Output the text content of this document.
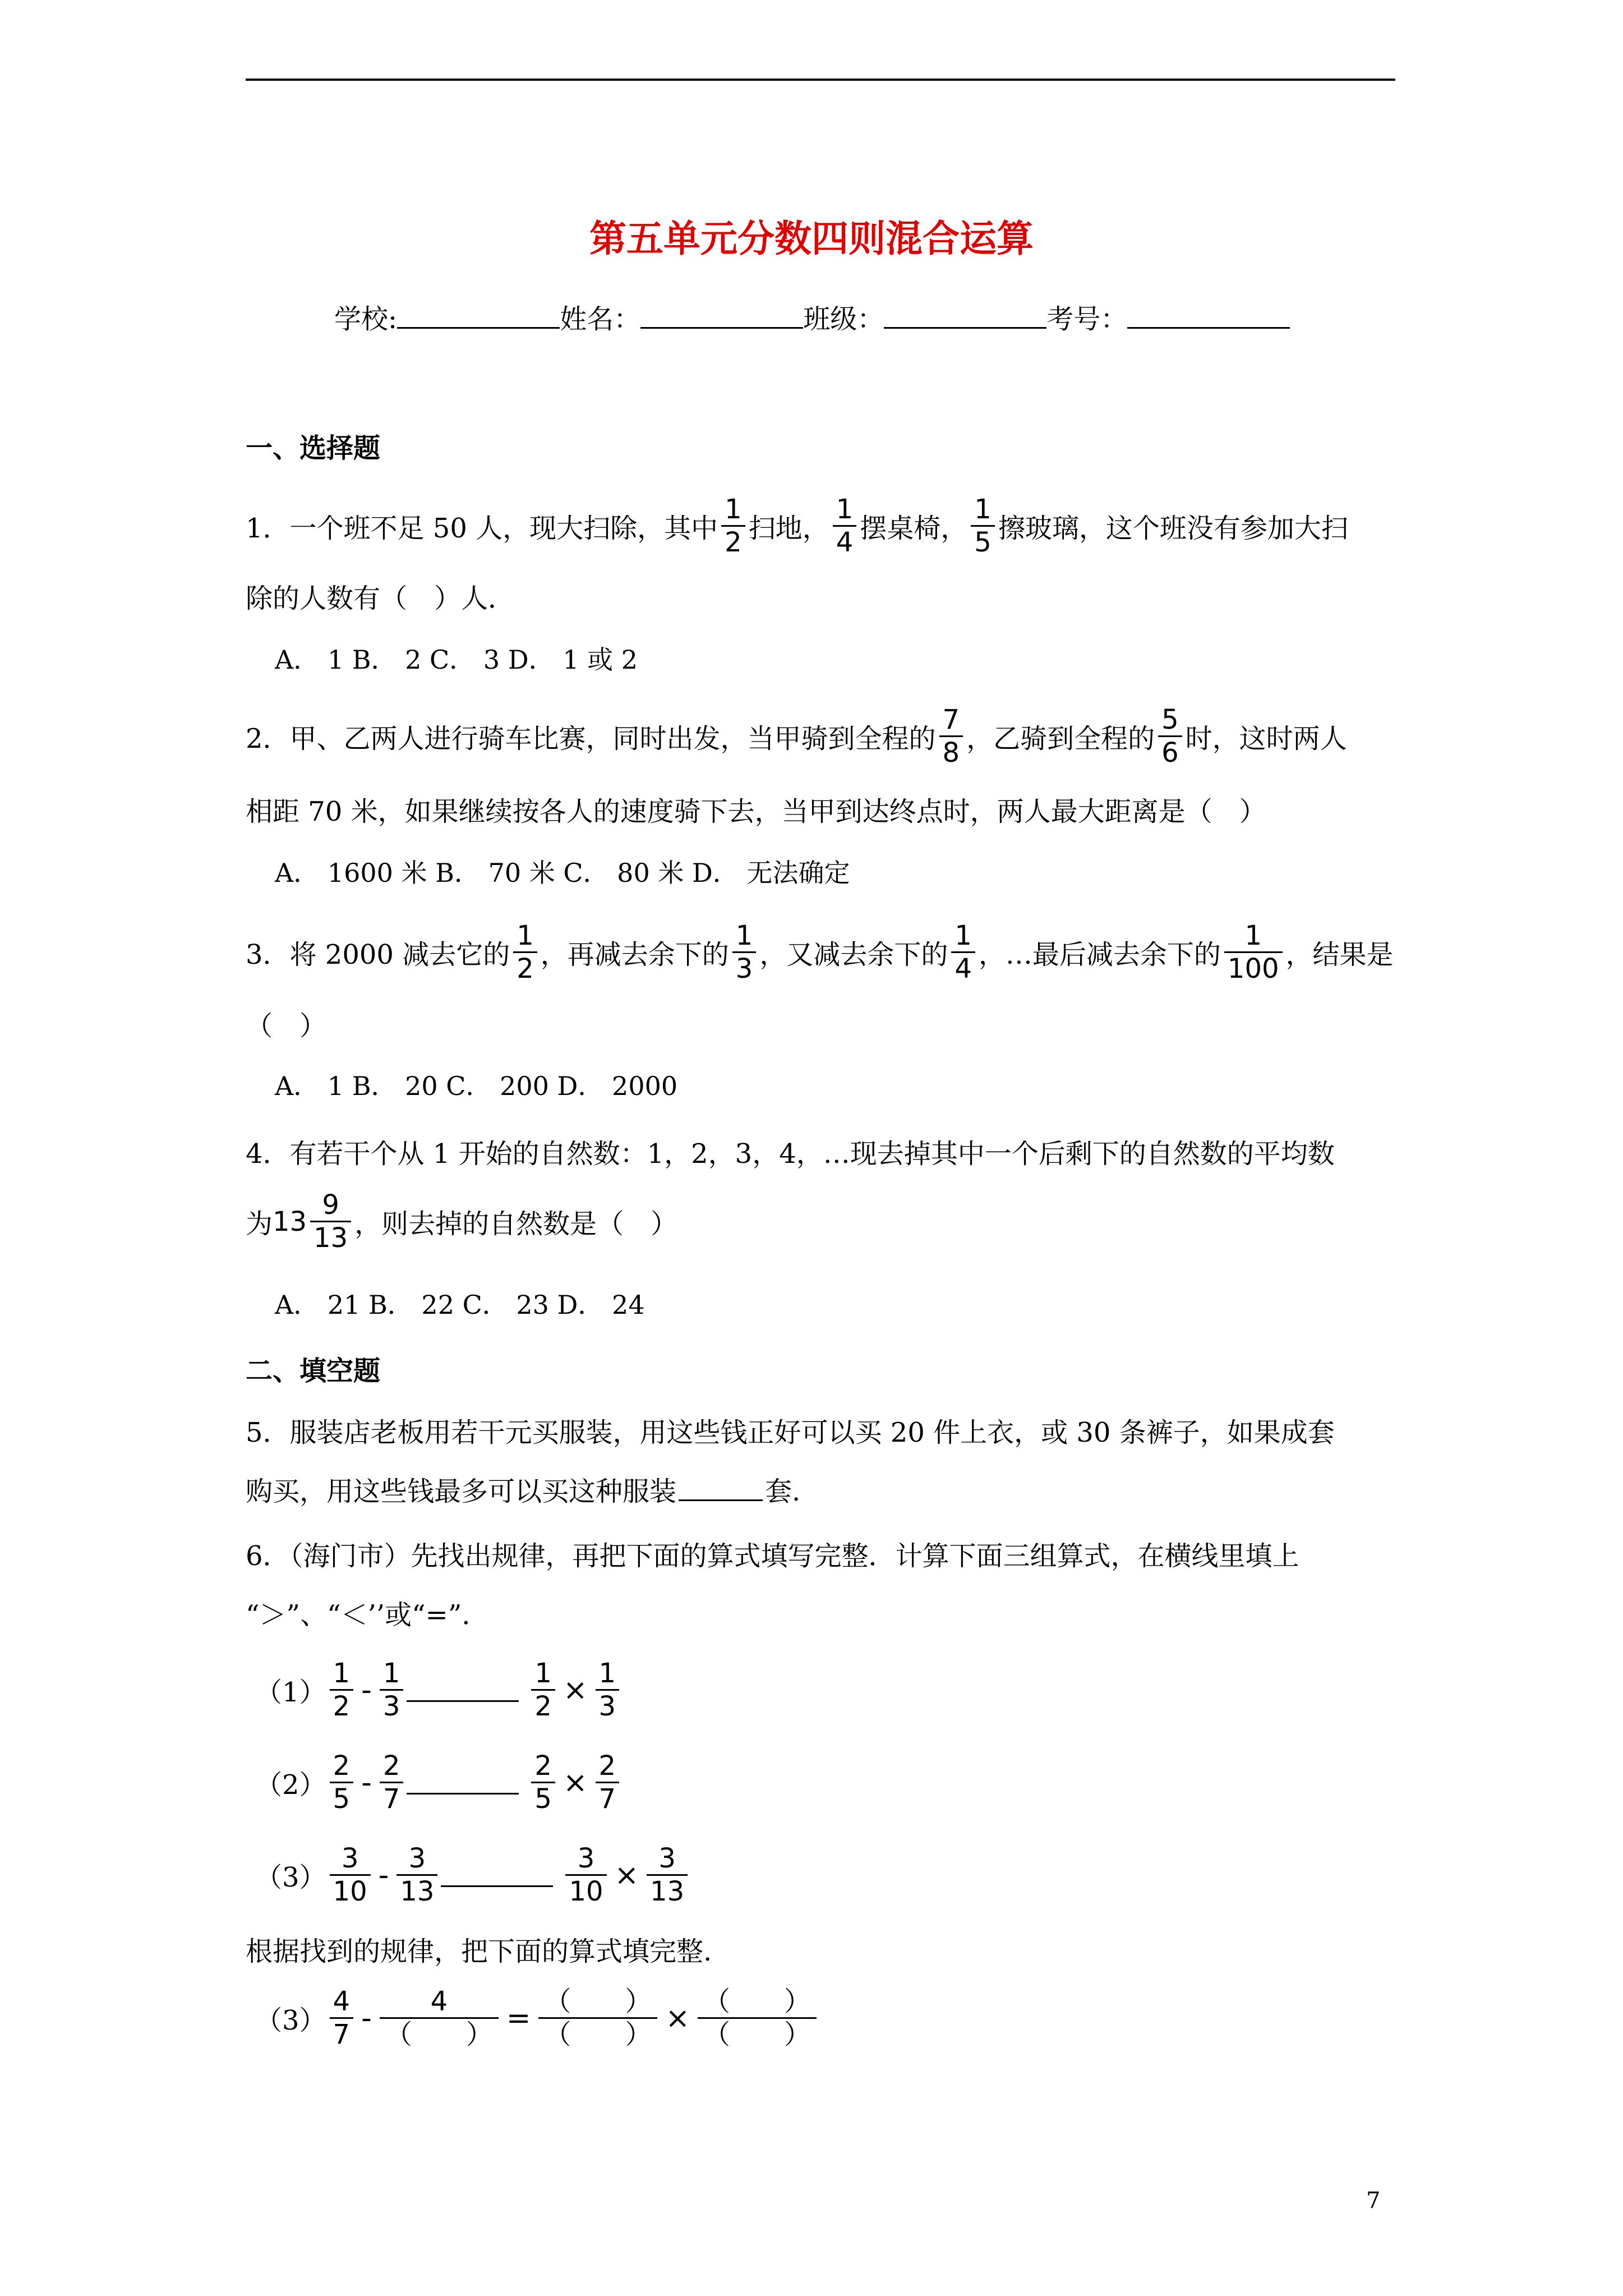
第五单元分数四则混合运算
学校:	姓名：	班级：	考号：
一、选择题
1．一个班不足 50 人，现大扫除，其中 $\frac{1}{2}$ 扫地， $\frac{1}{4}$ 摆桌椅， $\frac{1}{5}$ 擦玻璃，这个班没有参加大扫
除的人数有（　）人．
A． 1 B． 2 C． 3 D． 1 或 2
2．甲、乙两人进行骑车比赛，同时出发，当甲骑到全程的 $\frac{7}{8}$ ，乙骑到全程的 $\frac{5}{6}$ 时，这时两人
相距 70 米，如果继续按各人的速度骑下去，当甲到达终点时，两人最大距离是（　）
A． 1600 米 B． 70 米 C． 80 米 D． 无法确定
3．将 2000 减去它的 $\frac{1}{2}$ ，再减去余下的 $\frac{1}{3}$ ，又减去余下的 $\frac{1}{4}$ ，…最后减去余下的 $\frac{1}{100}$ ，结果是
（　）
A． 1 B． 20 C． 200 D． 2000
4．有若干个从 1 开始的自然数：1，2，3，4，…现去掉其中一个后剩下的自然数的平均数
为 $13 \frac{9}{13}$ ，则去掉的自然数是（　）
A． 21 B． 22 C． 23 D． 24
二、填空题
5．服装店老板用若干元买服装，用这些钱正好可以买 20 件上衣，或 30 条裤子，如果成套
购买，用这些钱最多可以买这种服装	套.
6．（海门市）先找出规律，再把下面的算式填写完整．计算下面三组算式，在横线里填上
“＞”、“＜’’或“=”．
$(1) \frac{1}{2} - \frac{1}{3}$	$\frac{1}{2} \times \frac{1}{3}$
$(2) \frac{2}{5} - \frac{2}{7}$	$\frac{2}{5} \times \frac{2}{7}$
$(3) \frac{3}{10} - \frac{3}{13}$	$\frac{3}{10} \times \frac{3}{13}$
根据找到的规律，把下面的算式填完整.
$(3) \frac{4}{7} - \frac{4}{( )} = \frac{( )}{( )} \times \frac{( )}{( )}$
7
